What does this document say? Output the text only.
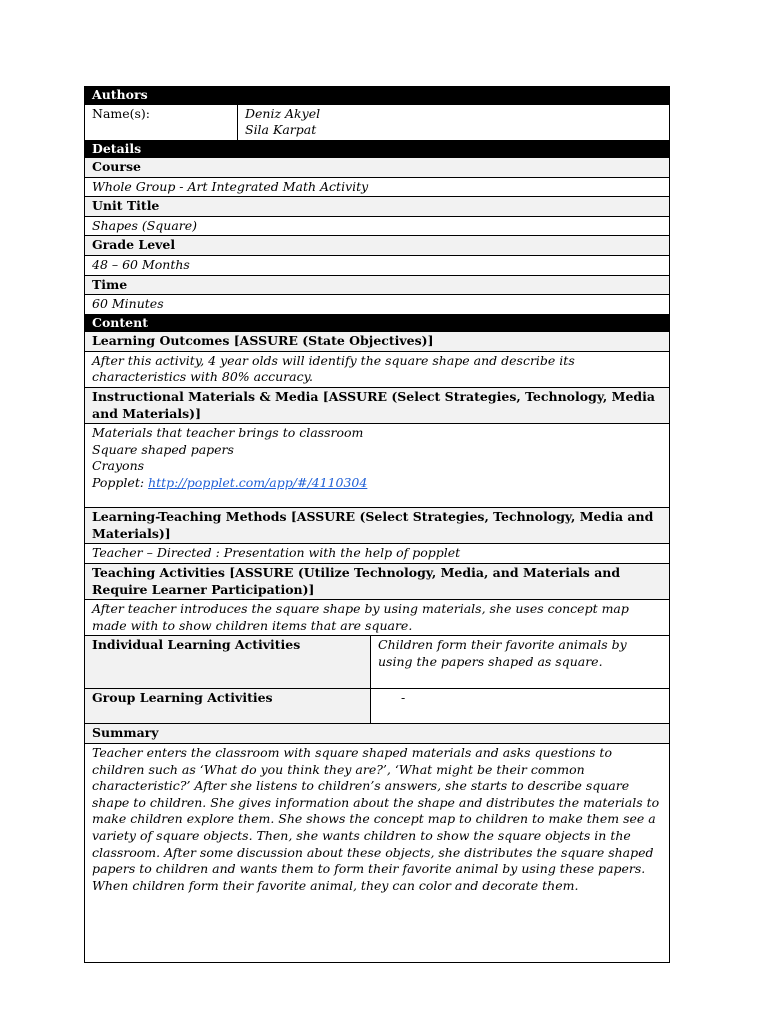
Authors
Name(s):	Deniz Akyel
Sila Karpat
Details
Course
Whole Group - Art Integrated Math Activity
Unit Title
Shapes (Square)
Grade Level
48 – 60 Months
Time
60 Minutes
Content
Learning Outcomes [ASSURE (State Objectives)]
After this activity, 4 year olds will identify the square shape and describe its characteristics with 80% accuracy.
Instructional Materials & Media [ASSURE (Select Strategies, Technology, Media and Materials)]
Materials that teacher brings to classroom
Square shaped papers
Crayons
Popplet: http://popplet.com/app/#/4110304
Learning-Teaching Methods [ASSURE (Select Strategies, Technology, Media and Materials)]
Teacher – Directed : Presentation with the help of popplet
Teaching Activities [ASSURE (Utilize Technology, Media, and Materials and Require Learner Participation)]
After teacher introduces the square shape by using materials, she uses concept map made with to show children items that are square.
Individual Learning Activities	Children form their favorite animals by using the papers shaped as square.
Group Learning Activities	-
Summary
Teacher enters the classroom with square shaped materials and asks questions to children such as ‘What do you think they are?’, ‘What might be their common characteristic?’ After she listens to children’s answers, she starts to describe square shape to children. She gives information about the shape and distributes the materials to make children explore them. She shows the concept map to children to make them see a variety of square objects. Then, she wants children to show the square objects in the classroom. After some discussion about these objects, she distributes the square shaped papers to children and wants them to form their favorite animal by using these papers. When children form their favorite animal, they can color and decorate them.
